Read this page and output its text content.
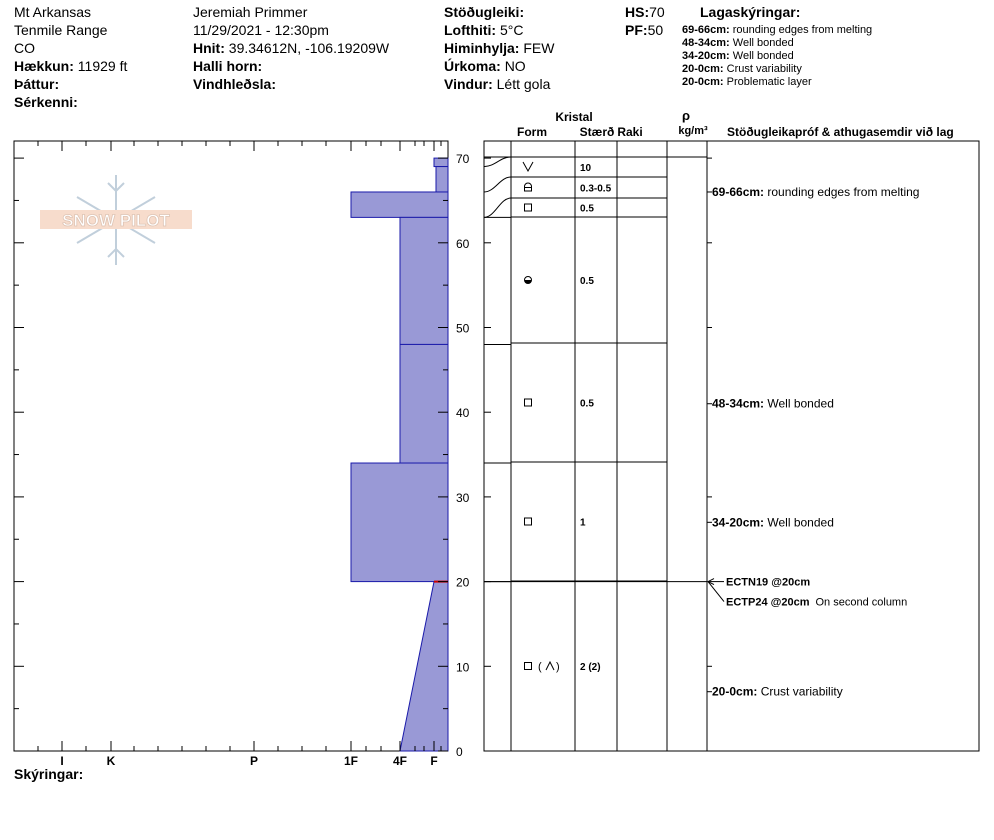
Mt Arkansas
Tenmile Range
CO
Hækkun: 11929 ft
Þáttur:
Sérkenni:
Jeremiah Primmer
11/29/2021 - 12:30pm
Hnit: 39.34612N, -106.19209W
Halli horn:
Vindhleðsla:
Stöðugleiki:
Lofthiti: 5°C
Himinhylja: FEW
Úrkoma: NO
Vindur: Létt gola
HS:70
PF:50
Lagaskýringar:
69-66cm: rounding edges from melting
48-34cm: Well bonded
34-20cm: Well bonded
20-0cm: Crust variability
20-0cm: Problematic layer
Skýringar:
SNOW PILOT
F
4F
1F
P
K
I
0
10
20
30
40
50
60
70
Kristal
Form	Stærð Raki
ρ
kg/m³ Stöðugleikapróf & athugasemdir við lag
10
0.3-0.5
0.5
0.5
0.5
1
( ) 2 (2)
69-66cm: rounding edges from melting
48-34cm: Well bonded
34-20cm: Well bonded
20-0cm: Crust variability
ECTN19 @20cm
ECTP24 @20cm On second column
